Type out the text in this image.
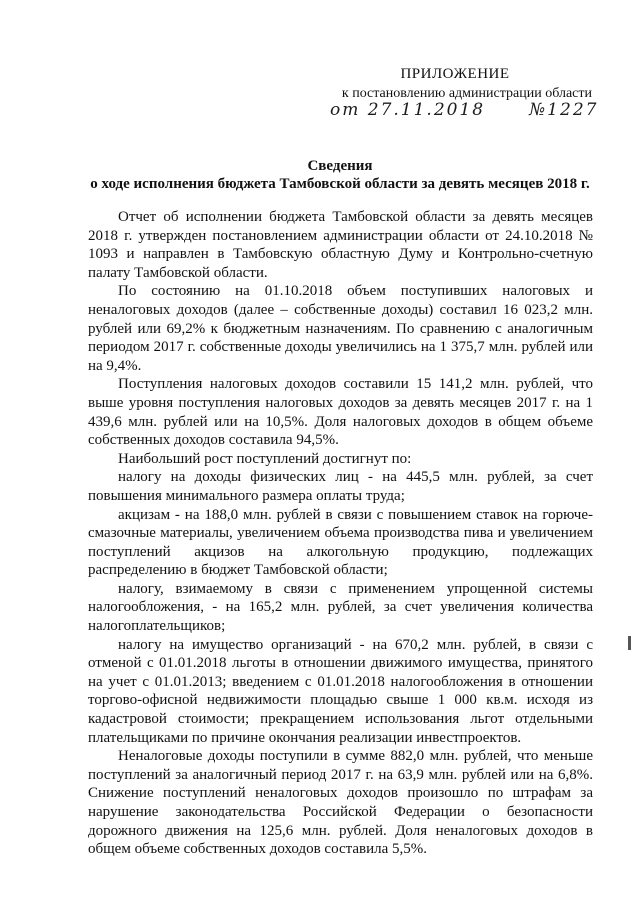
ПРИЛОЖЕНИЕ
к постановлению администрации области
от 27.11.2018	№1227
Сведения
о ходе исполнения бюджета Тамбовской области за девять месяцев 2018 г.

Отчет об исполнении бюджета Тамбовской области за девять месяцев 2018 г. утвержден постановлением администрации области от 24.10.2018 № 1093 и направлен в Тамбовскую областную Думу и Контрольно-счетную палату Тамбовской области.

По состоянию на 01.10.2018 объем поступивших налоговых и неналоговых доходов (далее – собственные доходы) составил 16 023,2 млн. рублей или 69,2% к бюджетным назначениям. По сравнению с аналогичным периодом 2017 г. собственные доходы увеличились на 1 375,7 млн. рублей или на 9,4%.

Поступления налоговых доходов составили 15 141,2 млн. рублей, что выше уровня поступления налоговых доходов за девять месяцев 2017 г. на 1 439,6 млн. рублей или на 10,5%. Доля налоговых доходов в общем объеме собственных доходов составила 94,5%.

Наибольший рост поступлений достигнут по:

налогу на доходы физических лиц - на 445,5 млн. рублей, за счет повышения минимального размера оплаты труда;

акцизам - на 188,0 млн. рублей в связи с повышением ставок на горюче-смазочные материалы, увеличением объема производства пива и увеличением поступлений акцизов на алкогольную продукцию, подлежащих распределению в бюджет Тамбовской области;

налогу, взимаемому в связи с применением упрощенной системы налогообложения, - на 165,2 млн. рублей, за счет увеличения количества налогоплательщиков;

налогу на имущество организаций - на 670,2 млн. рублей, в связи с отменой с 01.01.2018 льготы в отношении движимого имущества, принятого на учет с 01.01.2013; введением с 01.01.2018 налогообложения в отношении торгово-офисной недвижимости площадью свыше 1 000 кв.м. исходя из кадастровой стоимости; прекращением использования льгот отдельными плательщиками по причине окончания реализации инвестпроектов.

Неналоговые доходы поступили в сумме 882,0 млн. рублей, что меньше поступлений за аналогичный период 2017 г. на 63,9 млн. рублей или на 6,8%. Снижение поступлений неналоговых доходов произошло по штрафам за нарушение законодательства Российской Федерации о безопасности дорожного движения на 125,6 млн. рублей. Доля неналоговых доходов в общем объеме собственных доходов составила 5,5%.
